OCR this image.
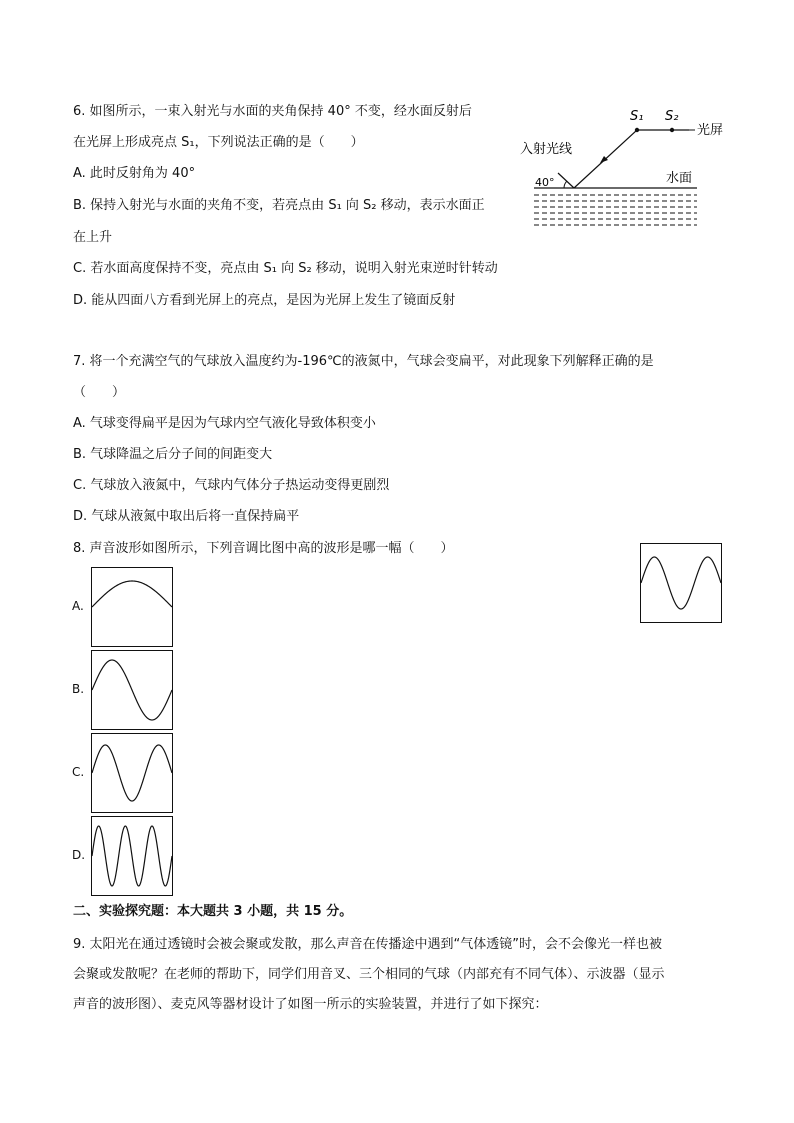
6. 如图所示，一束入射光与水面的夹角保持 40° 不变，经水面反射后
在光屏上形成亮点 S₁，下列说法正确的是（　　）
A. 此时反射角为 40°
B. 保持入射光与水面的夹角不变，若亮点由 S₁ 向 S₂ 移动，表示水面正
在上升
C. 若水面高度保持不变，亮点由 S₁ 向 S₂ 移动，说明入射光束逆时针转动
D. 能从四面八方看到光屏上的亮点，是因为光屏上发生了镜面反射
S₁ S₂
光屏
入射光线
40°	水面
7. 将一个充满空气的气球放入温度约为-196℃的液氮中，气球会变扁平，对此现象下列解释正确的是
（　　）
A. 气球变得扁平是因为气球内空气液化导致体积变小
B. 气球降温之后分子间的间距变大
C. 气球放入液氮中，气球内气体分子热运动变得更剧烈
D. 气球从液氮中取出后将一直保持扁平
8. 声音波形如图所示，下列音调比图中高的波形是哪一幅（　　）
A.
B.
C.
D.
二、实验探究题：本大题共 3 小题，共 15 分。
9. 太阳光在通过透镜时会被会聚或发散，那么声音在传播途中遇到“气体透镜”时，会不会像光一样也被
会聚或发散呢？在老师的帮助下，同学们用音叉、三个相同的气球（内部充有不同气体）、示波器（显示
声音的波形图）、麦克风等器材设计了如图一所示的实验装置，并进行了如下探究：
